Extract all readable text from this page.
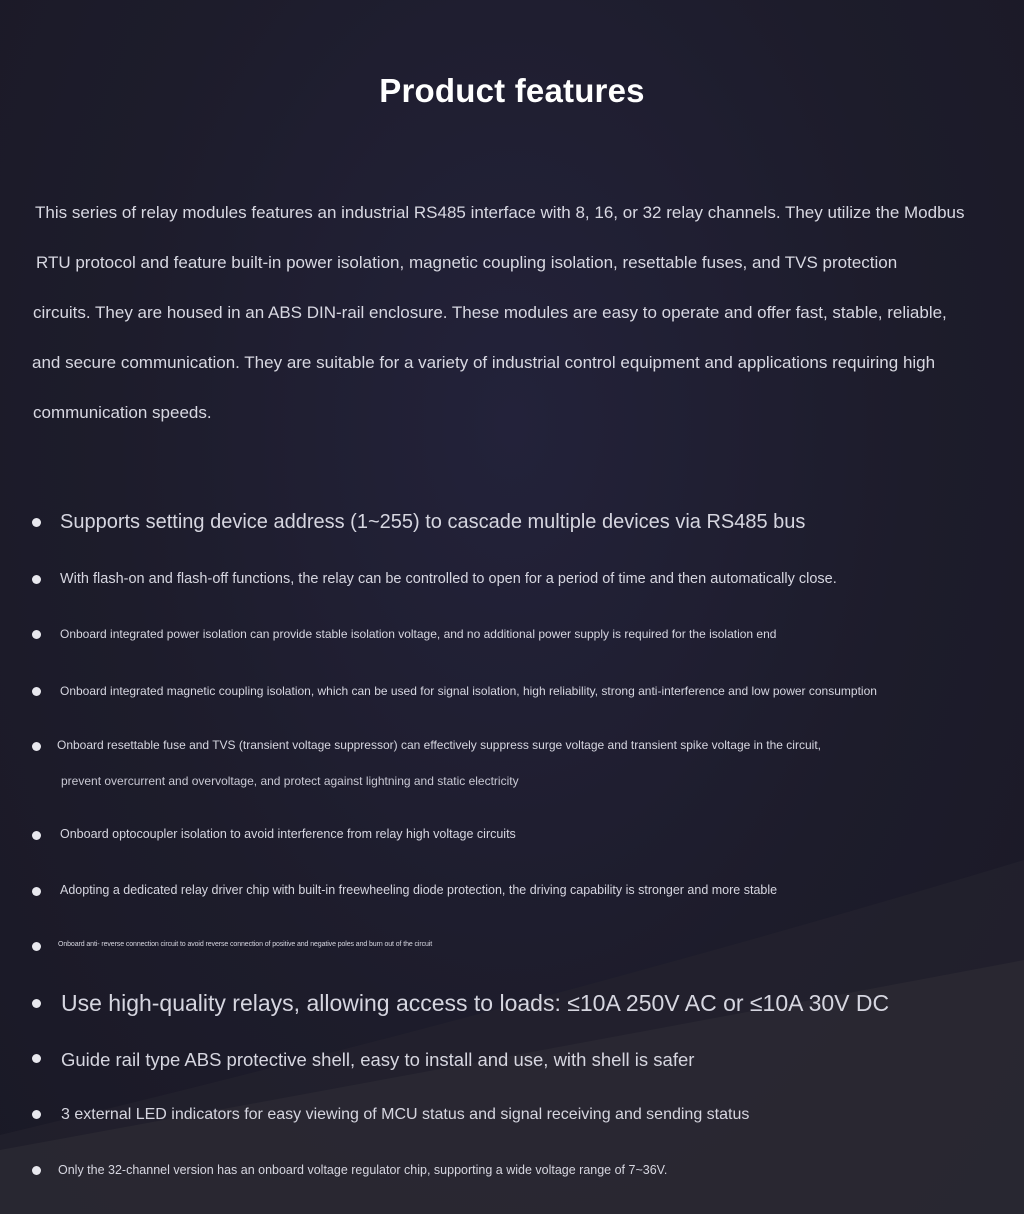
Product features
This series of relay modules features an industrial RS485 interface with 8, 16, or 32 relay channels. They utilize the Modbus
RTU protocol and feature built-in power isolation, magnetic coupling isolation, resettable fuses, and TVS protection
circuits. They are housed in an ABS DIN-rail enclosure. These modules are easy to operate and offer fast, stable, reliable,
and secure communication. They are suitable for a variety of industrial control equipment and applications requiring high
communication speeds.
Supports setting device address (1~255) to cascade multiple devices via RS485 bus
With flash-on and flash-off functions, the relay can be controlled to open for a period of time and then automatically close.
Onboard integrated power isolation can provide stable isolation voltage, and no additional power supply is required for the isolation end
Onboard integrated magnetic coupling isolation, which can be used for signal isolation, high reliability, strong anti-interference and low power consumption
Onboard resettable fuse and TVS (transient voltage suppressor) can effectively suppress surge voltage and transient spike voltage in the circuit,
prevent overcurrent and overvoltage, and protect against lightning and static electricity
Onboard optocoupler isolation to avoid interference from relay high voltage circuits
Adopting a dedicated relay driver chip with built-in freewheeling diode protection, the driving capability is stronger and more stable
Onboard anti- reverse connection circuit to avoid reverse connection of positive and negative poles and burn out of the circuit
Use high-quality relays, allowing access to loads: ≤10A 250V AC or ≤10A 30V DC
Guide rail type ABS protective shell, easy to install and use, with shell is safer
3 external LED indicators for easy viewing of MCU status and signal receiving and sending status
Only the 32-channel version has an onboard voltage regulator chip, supporting a wide voltage range of 7~36V.
